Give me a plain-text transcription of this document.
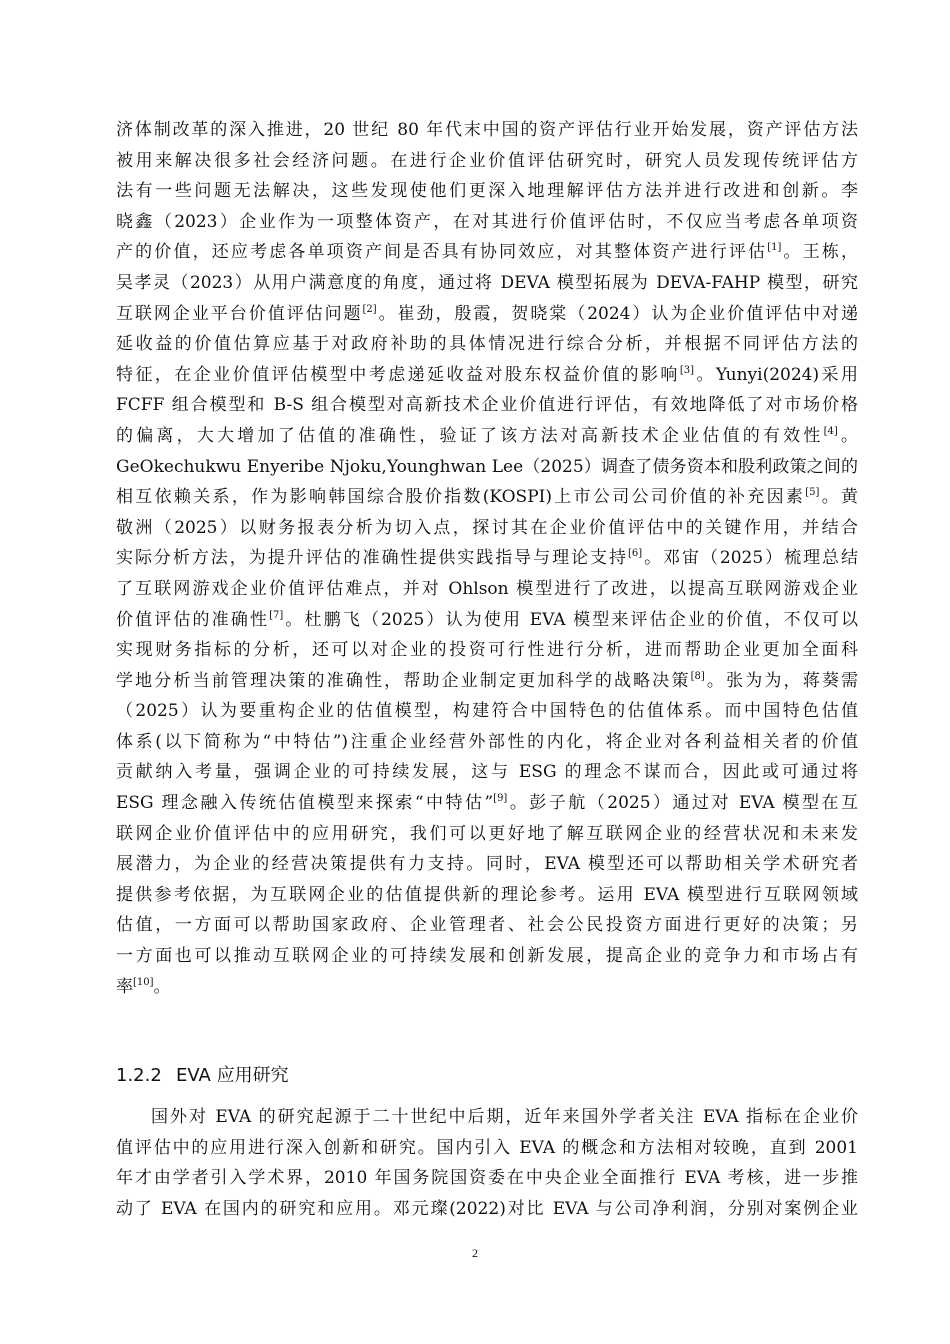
济体制改革的深入推进，20 世纪 80 年代末中国的资产评估行业开始发展，资产评估方法
被用来解决很多社会经济问题。在进行企业价值评估研究时，研究人员发现传统评估方
法有一些问题无法解决，这些发现使他们更深入地理解评估方法并进行改进和创新。李
晓鑫（2023）企业作为一项整体资产，在对其进行价值评估时，不仅应当考虑各单项资
产的价值，还应考虑各单项资产间是否具有协同效应，对其整体资产进行评估[1]。王栋，
吴孝灵（2023）从用户满意度的角度，通过将 DEVA 模型拓展为 DEVA-FAHP 模型，研究
互联网企业平台价值评估问题[2]。崔劲，殷霞，贺晓棠（2024）认为企业价值评估中对递
延收益的价值估算应基于对政府补助的具体情况进行综合分析，并根据不同评估方法的
特征，在企业价值评估模型中考虑递延收益对股东权益价值的影响[3]。Yunyi(2024)采用
FCFF 组合模型和 B-S 组合模型对高新技术企业价值进行评估，有效地降低了对市场价格
的偏离，大大增加了估值的准确性，验证了该方法对高新技术企业估值的有效性[4]。
GeOkechukwu Enyeribe Njoku,Younghwan Lee（2025）调查了债务资本和股利政策之间的
相互依赖关系，作为影响韩国综合股价指数(KOSPI)上市公司公司价值的补充因素[5]。黄
敬洲（2025）以财务报表分析为切入点，探讨其在企业价值评估中的关键作用，并结合
实际分析方法，为提升评估的准确性提供实践指导与理论支持[6]。邓宙（2025）梳理总结
了互联网游戏企业价值评估难点，并对 Ohlson 模型进行了改进，以提高互联网游戏企业
价值评估的准确性[7]。杜鹏飞（2025）认为使用 EVA 模型来评估企业的价值，不仅可以
实现财务指标的分析，还可以对企业的投资可行性进行分析，进而帮助企业更加全面科
学地分析当前管理决策的准确性，帮助企业制定更加科学的战略决策[8]。张为为，蒋葵需
（2025）认为要重构企业的估值模型，构建符合中国特色的估值体系。而中国特色估值
体系(以下简称为“中特估”)注重企业经营外部性的内化，将企业对各利益相关者的价值
贡献纳入考量，强调企业的可持续发展，这与 ESG 的理念不谋而合，因此或可通过将
ESG 理念融入传统估值模型来探索“中特估”[9]。彭子航（2025）通过对 EVA 模型在互
联网企业价值评估中的应用研究，我们可以更好地了解互联网企业的经营状况和未来发
展潜力，为企业的经营决策提供有力支持。同时，EVA 模型还可以帮助相关学术研究者
提供参考依据，为互联网企业的估值提供新的理论参考。运用 EVA 模型进行互联网领域
估值，一方面可以帮助国家政府、企业管理者、社会公民投资方面进行更好的决策；另
一方面也可以推动互联网企业的可持续发展和创新发展，提高企业的竞争力和市场占有
率[10]。
1.2.2 EVA 应用研究
国外对 EVA 的研究起源于二十世纪中后期，近年来国外学者关注 EVA 指标在企业价
值评估中的应用进行深入创新和研究。国内引入 EVA 的概念和方法相对较晚，直到 2001
年才由学者引入学术界，2010 年国务院国资委在中央企业全面推行 EVA 考核，进一步推
动了 EVA 在国内的研究和应用。邓元璨(2022)对比 EVA 与公司净利润，分别对案例企业
2
